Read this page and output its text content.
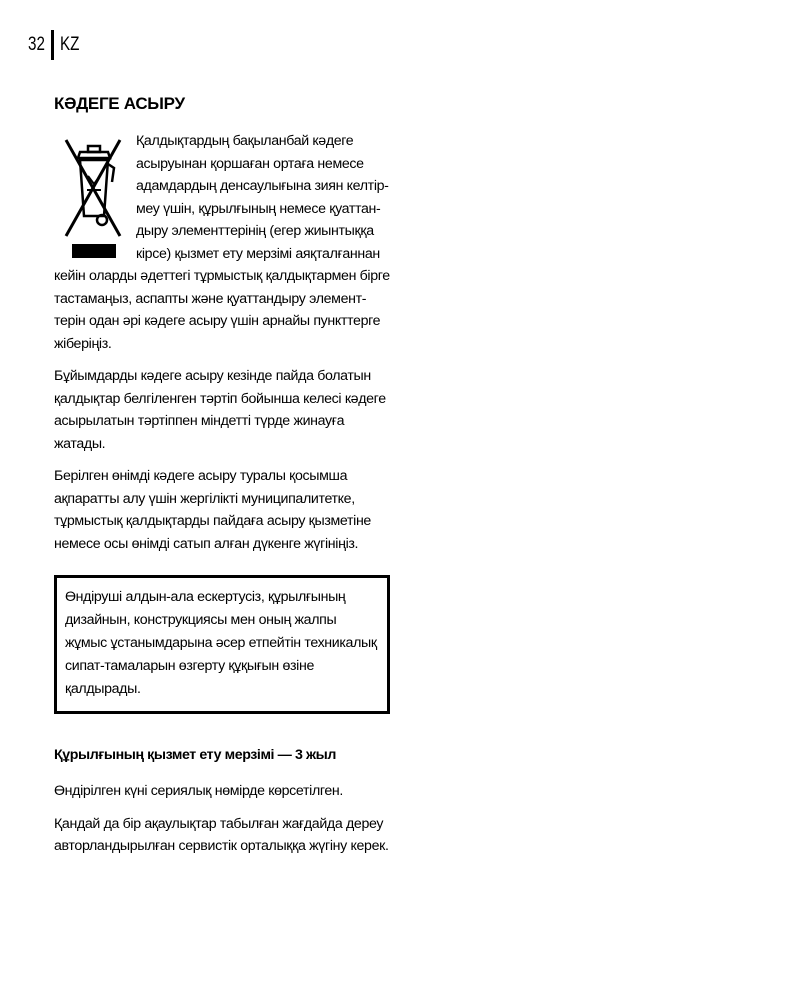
32 KZ
КӘДЕГЕ АСЫРУ

Қалдықтардың бақыланбай кәдеге асыруынан қоршаған ортаға немесе адамдардың денсаулығына зиян келтір-меу үшін, құрылғының немесе қуаттан-дыру элементтерінің (егер жиынтыққа кірсе) қызмет ету мерзімі аяқталғаннан кейін оларды әдеттегі тұрмыстық қалдықтармен бірге тастамаңыз, аспапты және қуаттандыру элемент-терін одан әрі кәдеге асыру үшін арнайы пункттерге жіберіңіз.

Бұйымдарды кәдеге асыру кезінде пайда болатын қалдықтар белгіленген тәртіп бойынша келесі кәдеге асырылатын тәртіппен міндетті түрде жинауға жатады.

Берілген өнімді кәдеге асыру туралы қосымша ақпаратты алу үшін жергілікті муниципалитетке, тұрмыстық қалдықтарды пайдаға асыру қызметіне немесе осы өнімді сатып алған дүкенге жүгініңіз.

Өндіруші алдын-ала ескертусіз, құрылғының дизайнын, конструкциясы мен оның жалпы жұмыс ұстанымдарына әсер етпейтін техникалық сипат-тамаларын өзгерту құқығын өзіне қалдырады.

Құрылғының қызмет ету мерзімі — 3 жыл

Өндірілген күні сериялық нөмірде көрсетілген.

Қандай да бір ақаулықтар табылған жағдайда дереу авторландырылған сервистік орталыққа жүгіну керек.
